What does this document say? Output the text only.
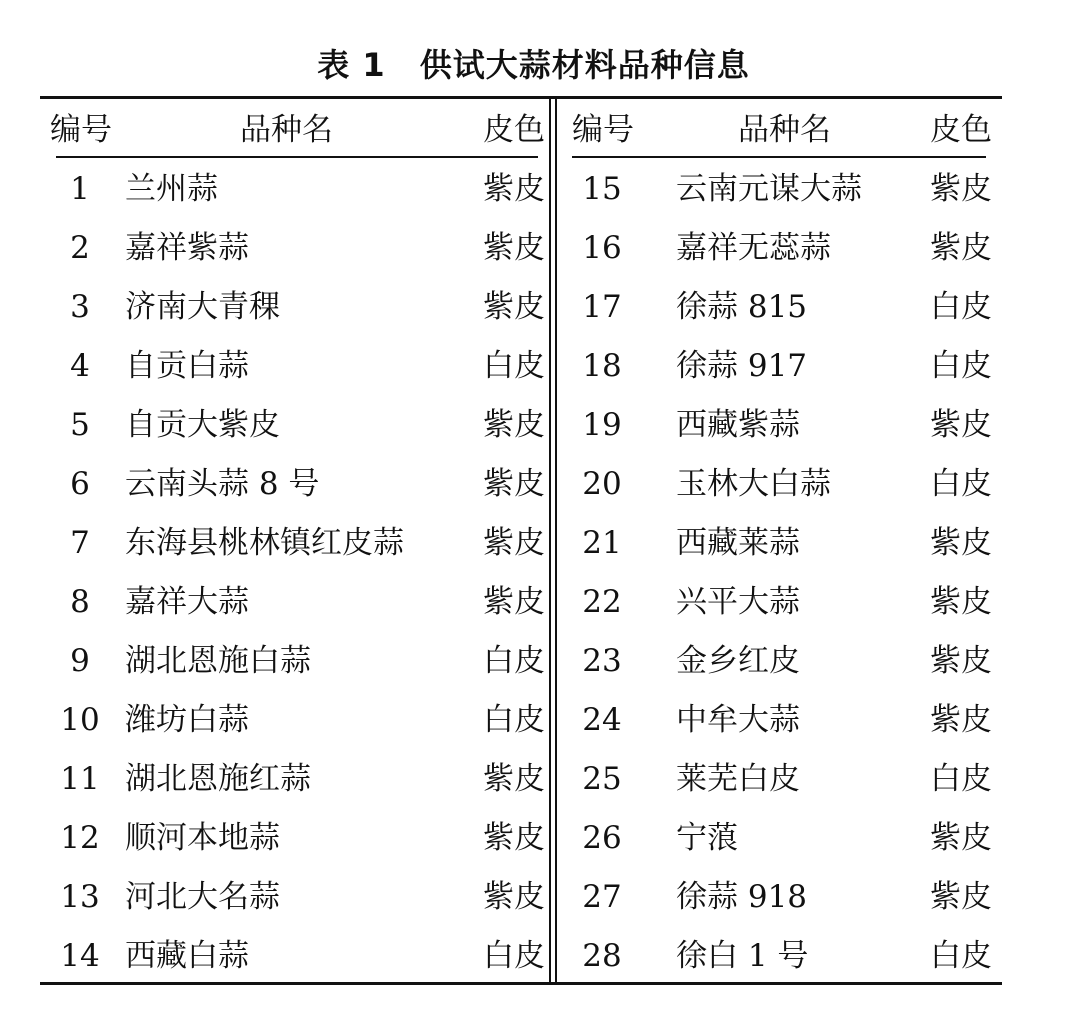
表 1 供试大蒜材料品种信息
编号	品种名	皮色
1	兰州蒜	紫皮
2	嘉祥紫蒜	紫皮
3	济南大青稞	紫皮
4	自贡白蒜	白皮
5	自贡大紫皮	紫皮
6	云南头蒜 8 号	紫皮
7	东海县桃林镇红皮蒜	紫皮
8	嘉祥大蒜	紫皮
9	湖北恩施白蒜	白皮
10 潍坊白蒜	白皮
11 湖北恩施红蒜	紫皮
12 顺河本地蒜	紫皮
13 河北大名蒜	紫皮
14 西藏白蒜	白皮
编号	品种名	皮色
15	云南元谋大蒜 紫皮
16	嘉祥无蕊蒜	紫皮
17	徐蒜 815	白皮
18	徐蒜 917	白皮
19	西藏紫蒜	紫皮
20	玉林大白蒜	白皮
21	西藏莱蒜	紫皮
22	兴平大蒜	紫皮
23	金乡红皮	紫皮
24	中牟大蒜	紫皮
25	莱芜白皮	白皮
26	宁蒗	紫皮
27	徐蒜 918	紫皮
28	徐白 1 号	白皮
